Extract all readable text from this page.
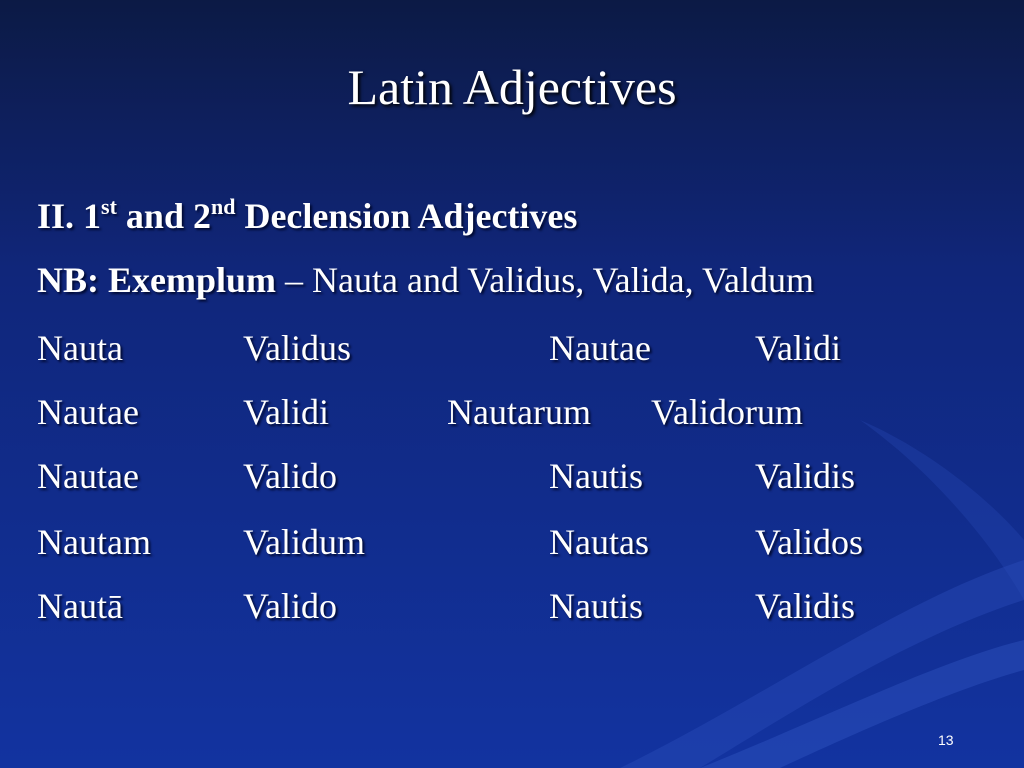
Latin Adjectives
II. 1st and 2nd Declension Adjectives
NB: Exemplum – Nauta and Validus, Valida, Valdum
Nauta	Validus	Nautae	Validi
Nautae	Validi	Nautarum Validorum
Nautae	Valido	Nautis	Validis
Nautam	Validum	Nautas	Validos
Nautā	Valido	Nautis	Validis
13
